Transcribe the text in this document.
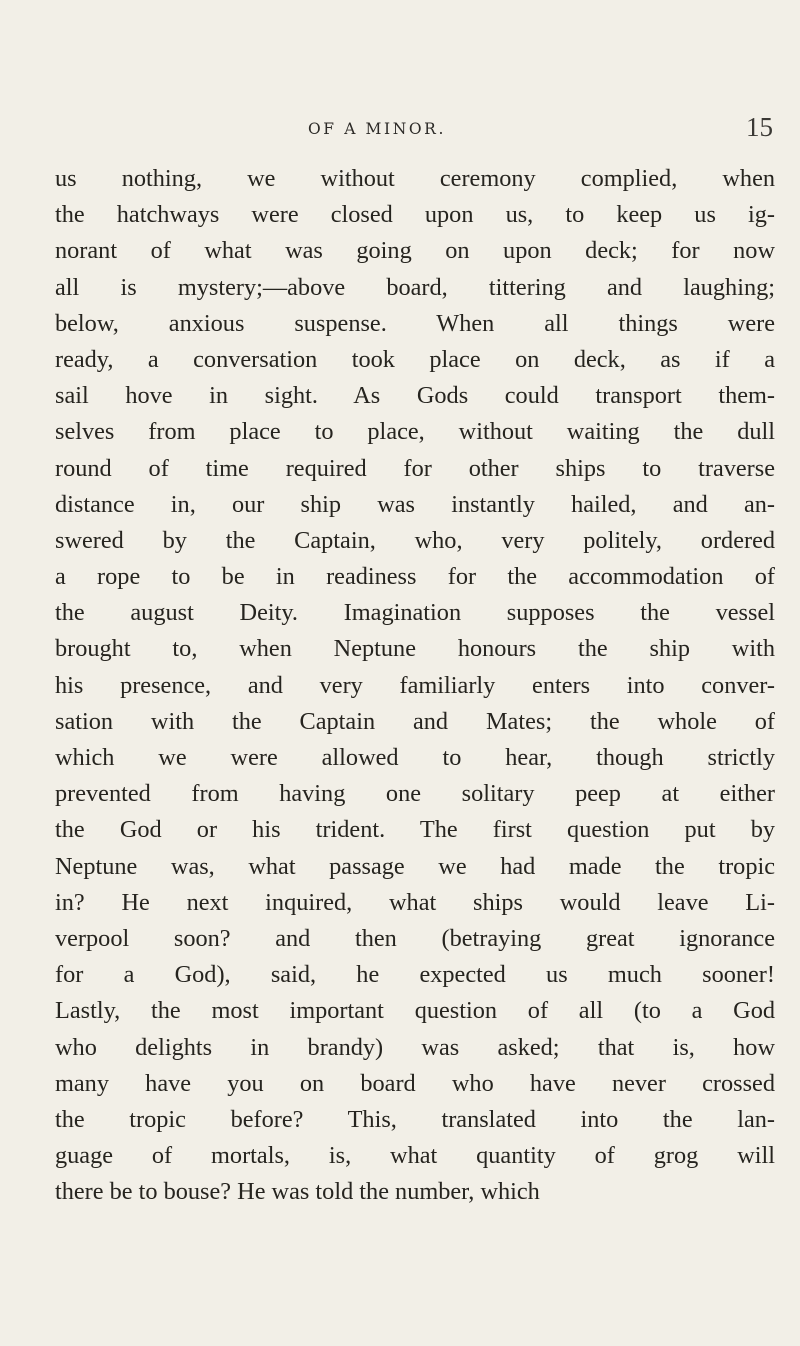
OF A MINOR.	15
us nothing, we without ceremony complied, when
the hatchways were closed upon us, to keep us ig-
norant of what was going on upon deck; for now
all is mystery;—above board, tittering and laughing;
below, anxious suspense. When all things were
ready, a conversation took place on deck, as if a
sail hove in sight. As Gods could transport them-
selves from place to place, without waiting the dull
round of time required for other ships to traverse
distance in, our ship was instantly hailed, and an-
swered by the Captain, who, very politely, ordered
a rope to be in readiness for the accommodation of
the august Deity. Imagination supposes the vessel
brought to, when Neptune honours the ship with
his presence, and very familiarly enters into conver-
sation with the Captain and Mates; the whole of
which we were allowed to hear, though strictly
prevented from having one solitary peep at either
the God or his trident. The first question put by
Neptune was, what passage we had made the tropic
in? He next inquired, what ships would leave Li-
verpool soon? and then (betraying great ignorance
for a God), said, he expected us much sooner!
Lastly, the most important question of all (to a God
who delights in brandy) was asked; that is, how
many have you on board who have never crossed
the tropic before? This, translated into the lan-
guage of mortals, is, what quantity of grog will
there be to bouse? He was told the number, which
